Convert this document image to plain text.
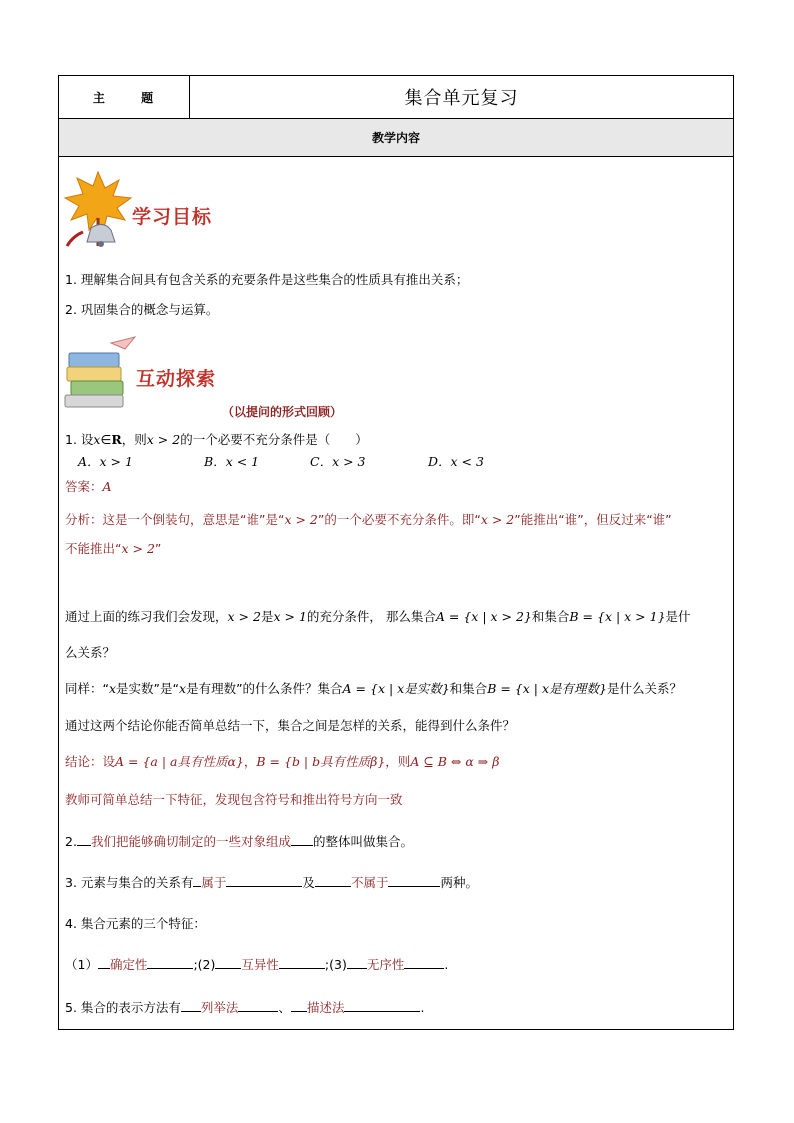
主 题	集合单元复习
教学内容
学习目标
1. 理解集合间具有包含关系的充要条件是这些集合的性质具有推出关系；
2. 巩固集合的概念与运算。
互动探索
（以提问的形式回顾）
1. 设x∈R，则x > 2的一个必要不充分条件是（　　）
A．x > 1	B．x < 1	C．x > 3	D．x < 3
答案：A
分析：这是一个倒装句，意思是“谁”是“x > 2”的一个必要不充分条件。即“x > 2”能推出“谁”，但反过来“谁”
不能推出“x > 2”
通过上面的练习我们会发现，x > 2是x > 1的充分条件， 那么集合A = {x | x > 2}和集合B = {x | x > 1}是什
么关系？
同样：“x是实数”是“x是有理数”的什么条件？集合A = {x | x是实数}和集合B = {x | x是有理数}是什么关系？
通过这两个结论你能否简单总结一下，集合之间是怎样的关系，能得到什么条件？
结论：设A = {a | a具有性质α}，B = {b | b具有性质β}，则A ⊆ B ⇔ α ⇒ β
教师可简单总结一下特征，发现包含符号和推出符号方向一致
2. 我们把能够确切制定的一些对象组成 的整体叫做集合。
3. 元素与集合的关系有 属于	及	不属于	两种。
4. 集合元素的三个特征：
（1） 确定性	;(2) 互异性	;(3) 无序性	.
5. 集合的表示方法有 列举法	、 描述法	.
